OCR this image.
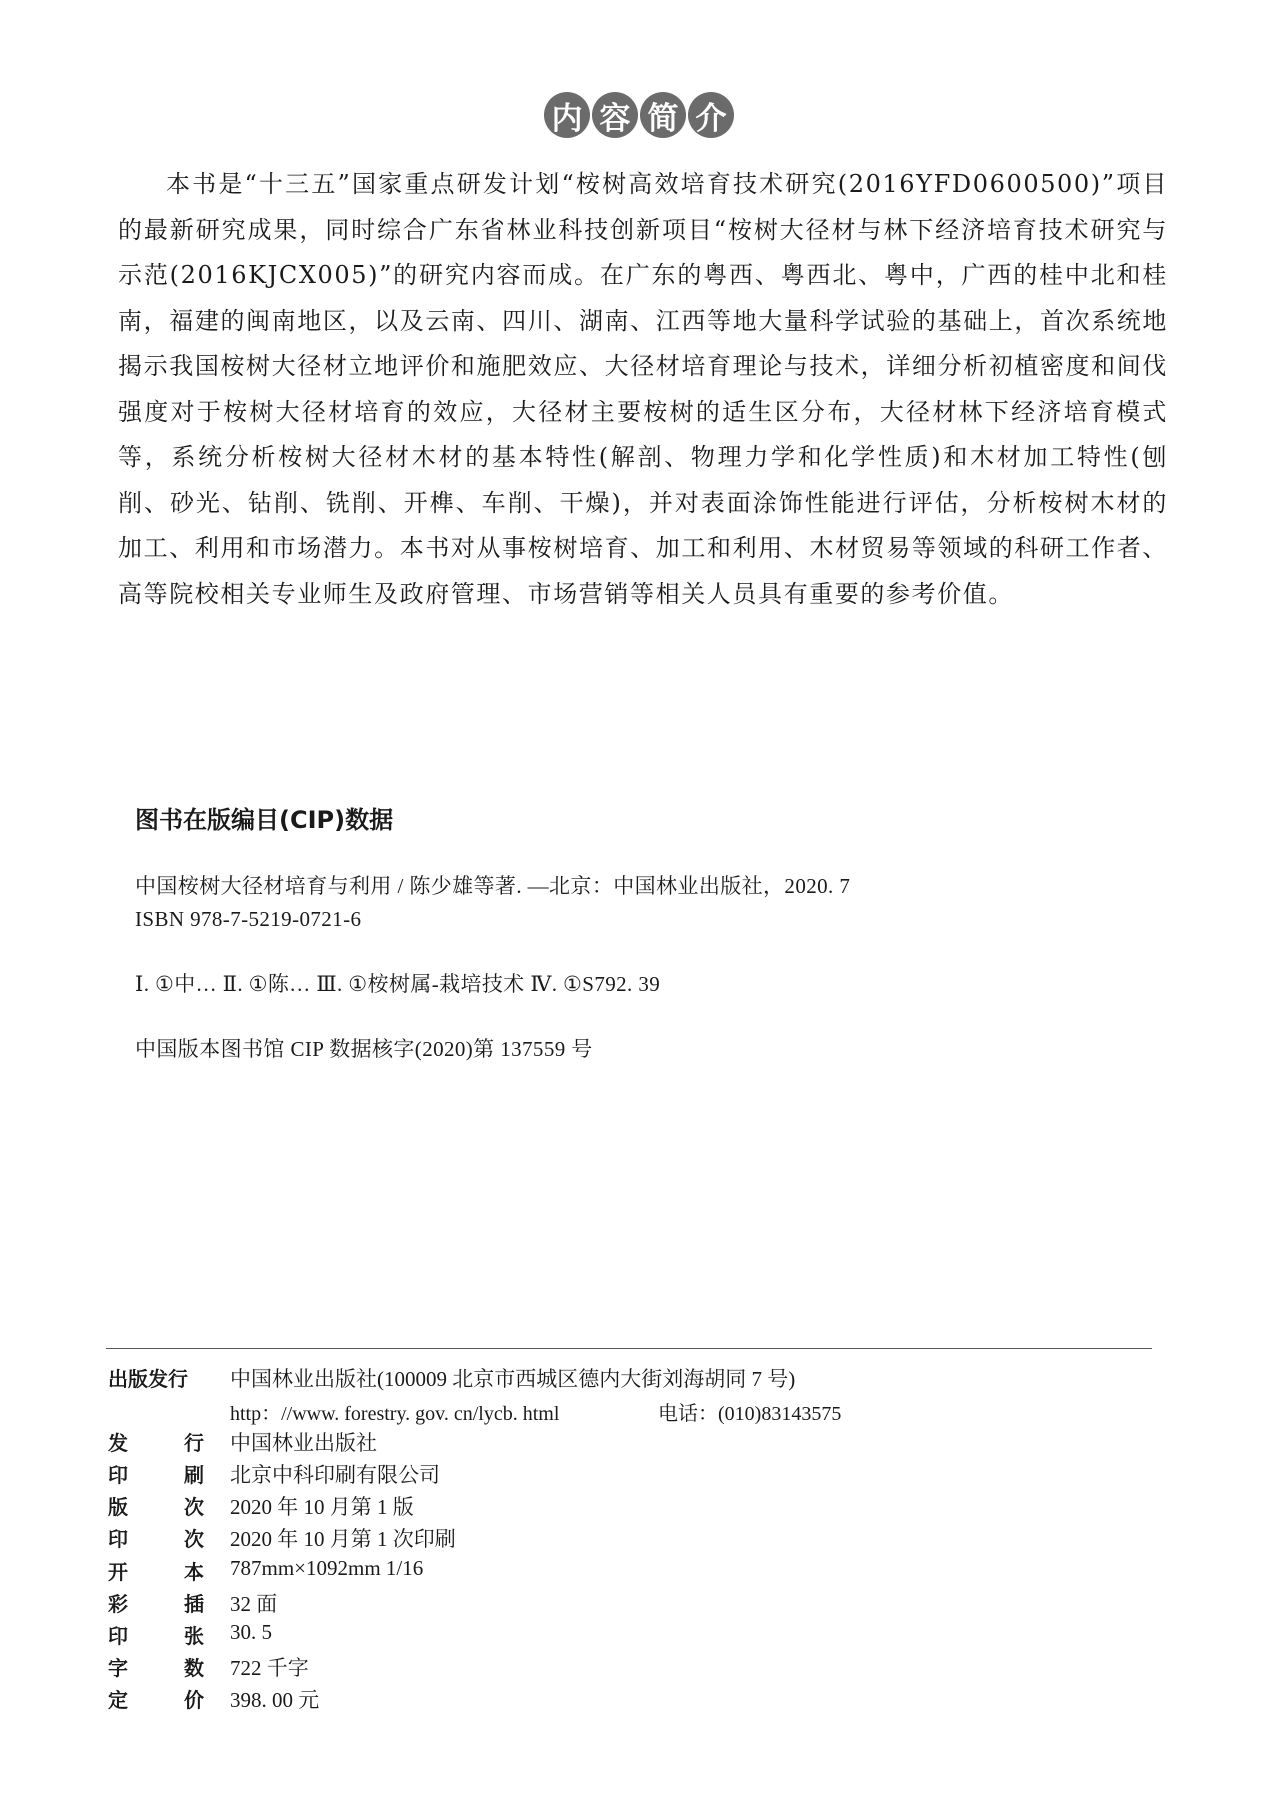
内 容 简 介

本书是“十三五”国家重点研发计划“桉树高效培育技术研究(2016YFD0600500)”项目的最新研究成果，同时综合广东省林业科技创新项目“桉树大径材与林下经济培育技术研究与示范(2016KJCX005)”的研究内容而成。在广东的粤西、粤西北、粤中，广西的桂中北和桂南，福建的闽南地区，以及云南、四川、湖南、江西等地大量科学试验的基础上，首次系统地揭示我国桉树大径材立地评价和施肥效应、大径材培育理论与技术，详细分析初植密度和间伐强度对于桉树大径材培育的效应，大径材主要桉树的适生区分布，大径材林下经济培育模式等，系统分析桉树大径材木材的基本特性(解剖、物理力学和化学性质)和木材加工特性(刨削、砂光、钻削、铣削、开榫、车削、干燥)，并对表面涂饰性能进行评估，分析桉树木材的加工、利用和市场潜力。本书对从事桉树培育、加工和利用、木材贸易等领域的科研工作者、高等院校相关专业师生及政府管理、市场营销等相关人员具有重要的参考价值。

图书在版编目(CIP)数据

中国桉树大径材培育与利用 / 陈少雄等著. —北京：中国林业出版社，2020. 7

ISBN 978-7-5219-0721-6

Ⅰ. ①中… Ⅱ. ①陈… Ⅲ. ①桉树属-栽培技术 Ⅳ. ①S792. 39

中国版本图书馆 CIP 数据核字(2020)第 137559 号

出版发行	中国林业出版社(100009 北京市西城区德内大街刘海胡同 7 号)
http：//www. forestry. gov. cn/lycb. html	电话：(010)83143575
发	行 中国林业出版社
印	刷 北京中科印刷有限公司
版	次 2020 年 10 月第 1 版
印	次 2020 年 10 月第 1 次印刷
开	本 787mm×1092mm 1/16
彩	插 32 面
印	张 30. 5
字	数 722 千字
定	价 398. 00 元
